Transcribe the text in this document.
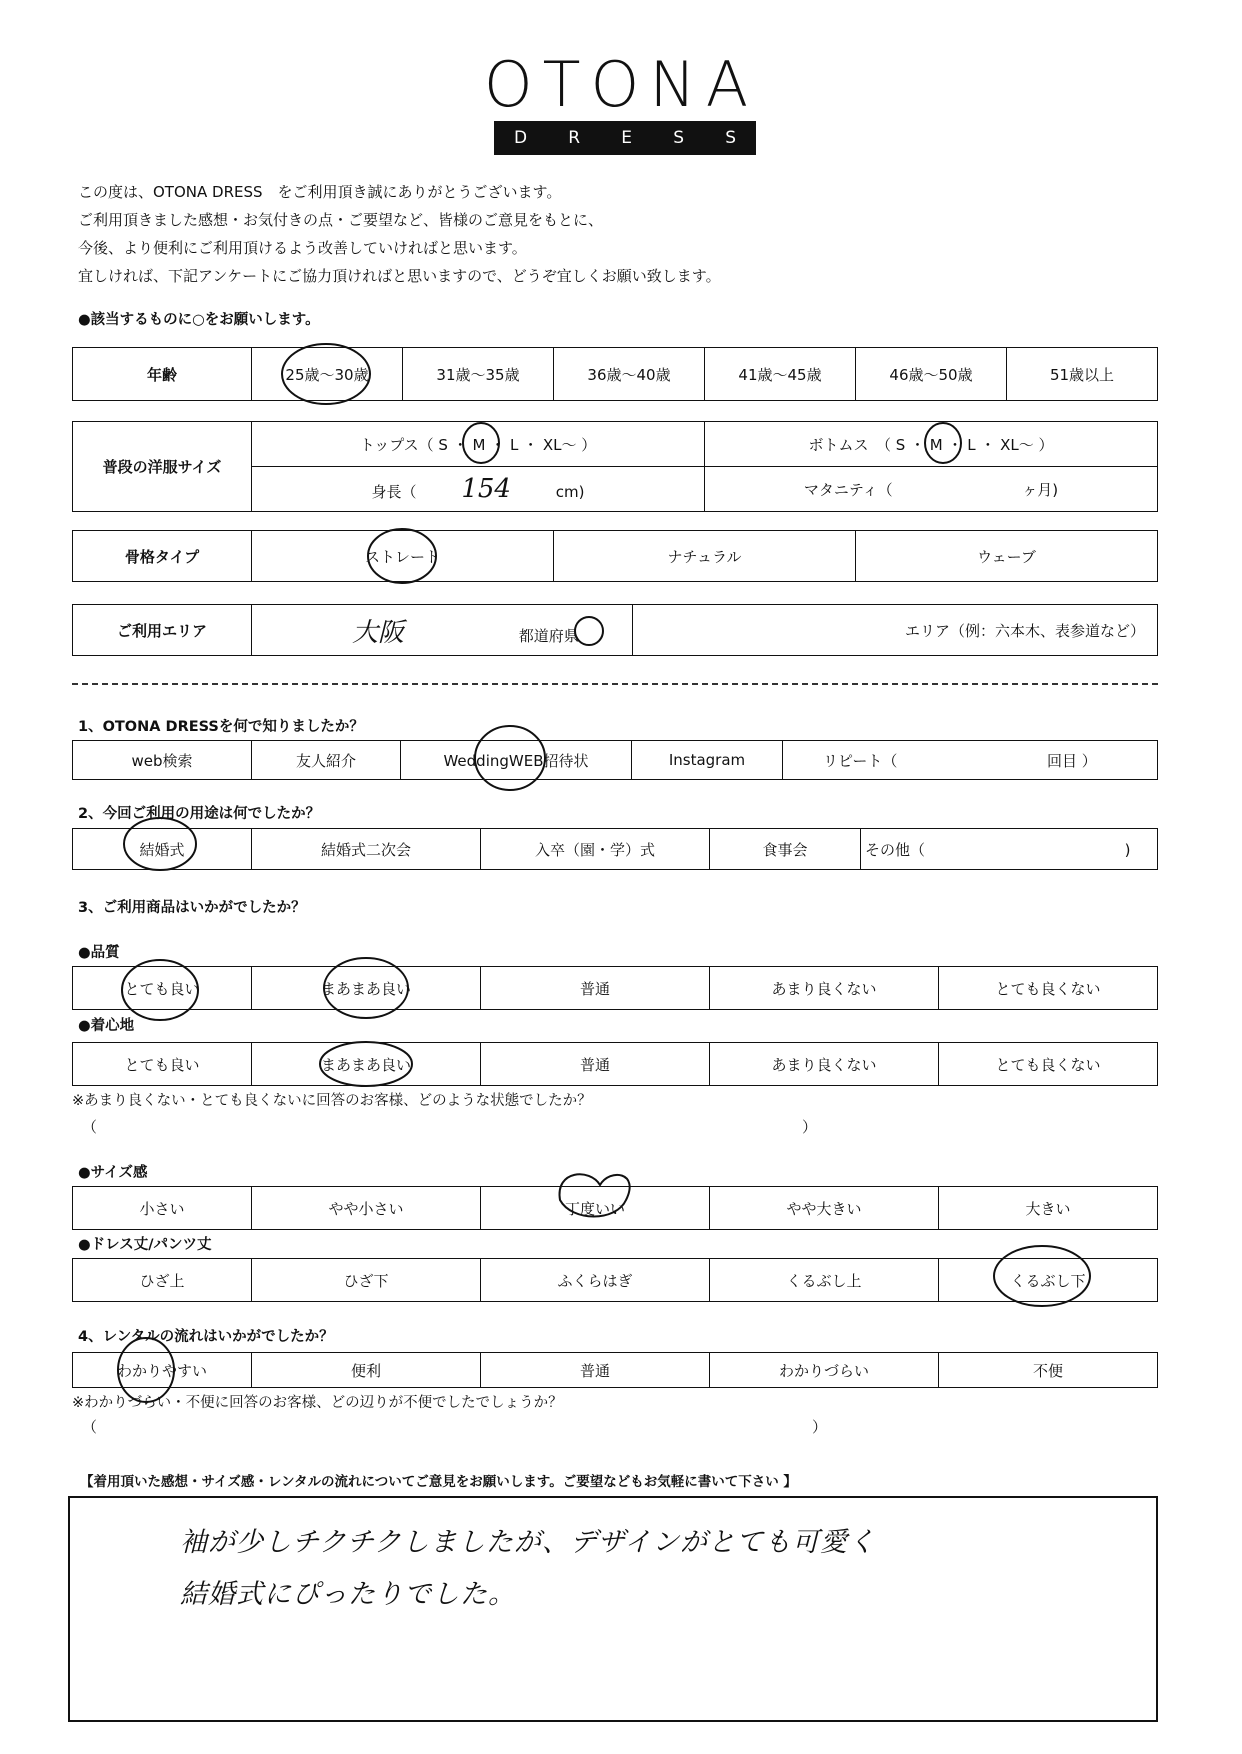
OTONA
D R E S S
この度は、OTONA DRESS　をご利用頂き誠にありがとうございます。
ご利用頂きました感想・お気付きの点・ご要望など、皆様のご意見をもとに、
今後、より便利にご利用頂けるよう改善していければと思います。
宜しければ、下記アンケートにご協力頂ければと思いますので、どうぞ宜しくお願い致します。
●該当するものに○をお願いします。
年齢	25歳～30歳	31歳～35歳	36歳～40歳	41歳～45歳	46歳～50歳	51歳以上
普段の洋服サイズ	トップス（ S ・ M ・ L ・ XL～ ）	ボトムス　（ S ・ M ・ L ・ XL～ ）
	身長（ 154 cm)	マタニティ（ ヶ月)
骨格タイプ	ストレート	ナチュラル	ウェーブ
ご利用エリア	大阪	都道府県	エリア（例：六本木、表参道など）
1、OTONA DRESSを何で知りましたか？
web検索	友人紹介	WeddingWEB招待状	Instagram	リピート（	回目 ）
2、今回ご利用の用途は何でしたか？
結婚式	結婚式二次会	入卒（園・学）式	食事会	その他（	)
3、ご利用商品はいかがでしたか？
●品質
とても良い	まあまあ良い	普通	あまり良くない	とても良くない
●着心地
とても良い	まあまあ良い	普通	あまり良くない	とても良くない
※あまり良くない・とても良くないに回答のお客様、どのような状態でしたか？
（	）
●サイズ感
小さい	やや小さい	丁度いい	やや大きい	大きい
●ドレス丈/パンツ丈
ひざ上	ひざ下	ふくらはぎ	くるぶし上	くるぶし下
4、レンタルの流れはいかがでしたか？
わかりやすい	便利	普通	わかりづらい	不便
※わかりづらい・不便に回答のお客様、どの辺りが不便でしたでしょうか？
（	）
【着用頂いた感想・サイズ感・レンタルの流れについてご意見をお願いします。ご要望などもお気軽に書いて下さい 】
袖が少しチクチクしましたが、デザインがとても可愛く
結婚式にぴったりでした。
